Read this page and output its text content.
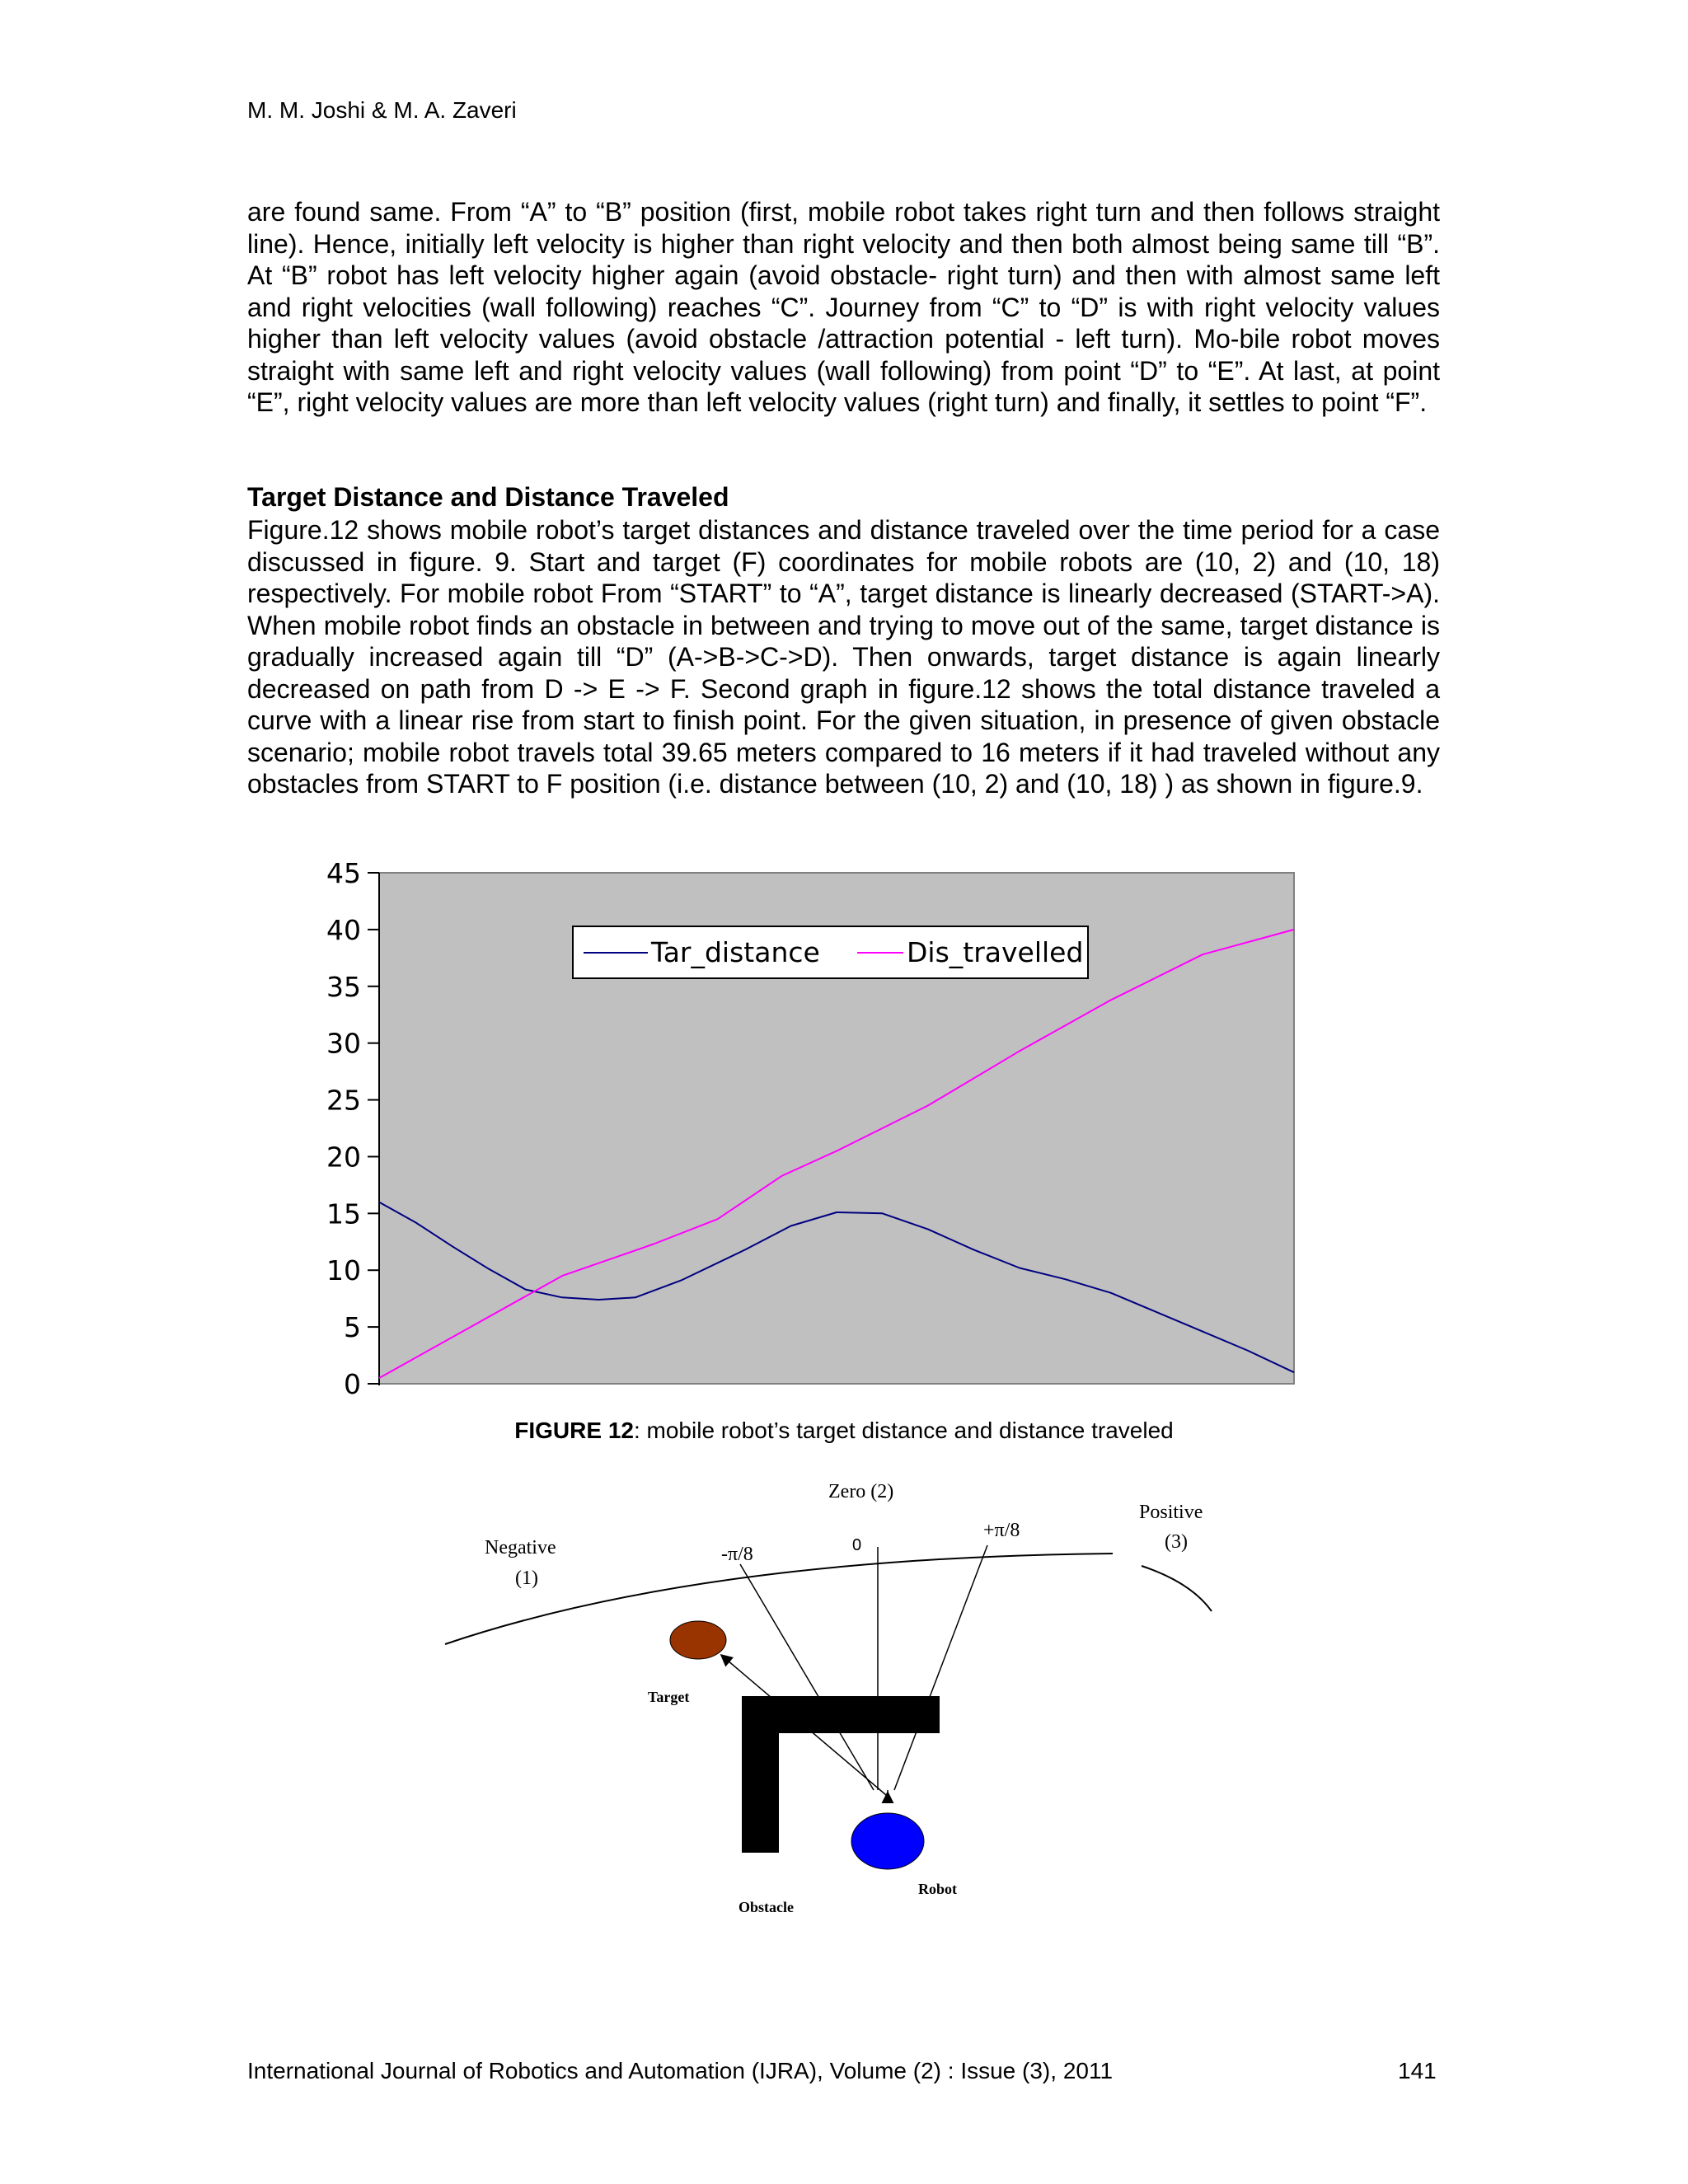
M. M. Joshi & M. A. Zaveri

are found same. From “A” to “B” position (first, mobile robot takes right turn and then follows straight line). Hence, initially left velocity is higher than right velocity and then both almost being same till “B”. At “B” robot has left velocity higher again (avoid obstacle- right turn) and then with almost same left and right velocities (wall following) reaches “C”. Journey from “C” to “D” is with right velocity values higher than left velocity values (avoid obstacle /attraction potential - left turn). Mo-bile robot moves straight with same left and right velocity values (wall following) from point “D” to “E”. At last, at point “E”, right velocity values are more than left velocity values (right turn) and finally, it settles to point “F”.

Target Distance and Distance Traveled

Figure.12 shows mobile robot’s target distances and distance traveled over the time period for a case discussed in figure. 9. Start and target (F) coordinates for mobile robots are (10, 2) and (10, 18) respectively. For mobile robot From “START” to “A”, target distance is linearly decreased (START->A). When mobile robot finds an obstacle in between and trying to move out of the same, target distance is gradually increased again till “D” (A->B->C->D). Then onwards, target distance is again linearly decreased on path from D -> E -> F. Second graph in figure.12 shows the total distance traveled a curve with a linear rise from start to finish point. For the given situation, in presence of given obstacle scenario; mobile robot travels total 39.65 meters compared to 16 meters if it had traveled without any obstacles from START to F position (i.e. distance between (10, 2) and (10, 18) ) as shown in figure.9.

0
5
10
15
20
25
30
35
40
45
Tar_distance	Dis_travelled
FIGURE 12: mobile robot’s target distance and distance traveled
Zero (2)
Negative
(1)
Positive
(3)
-π/8	0
+π/8
Target
Obstacle
Robot
International Journal of Robotics and Automation (IJRA), Volume (2) : Issue (3), 2011	141
